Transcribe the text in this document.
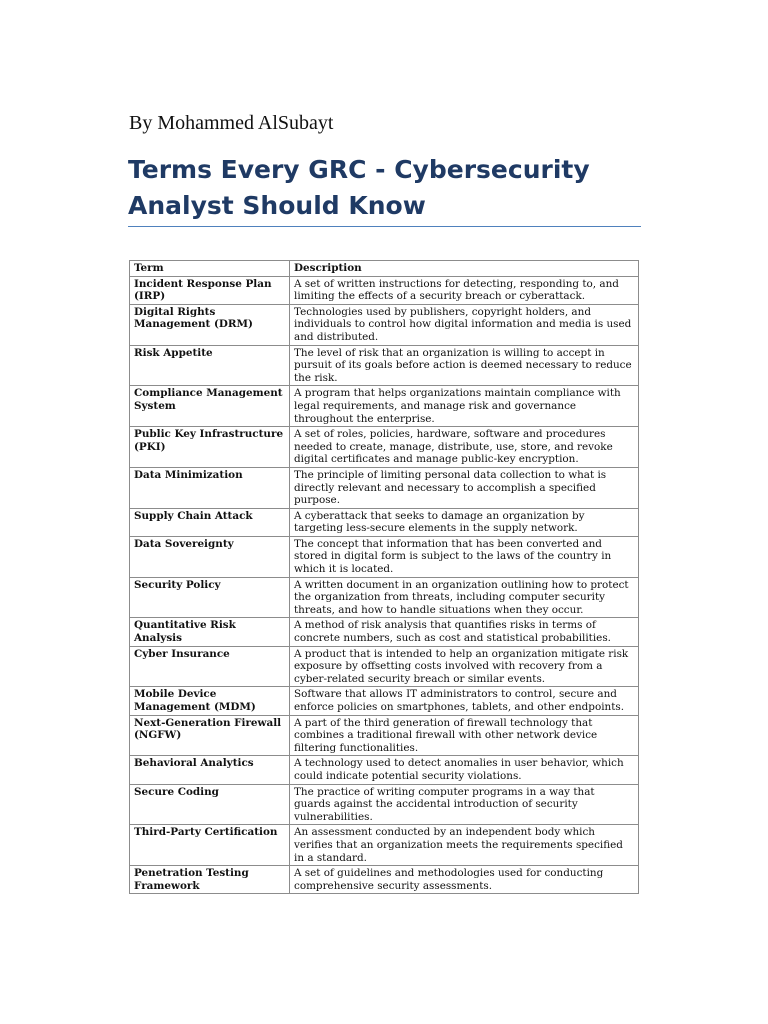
By Mohammed AlSubayt

Terms Every GRC - Cybersecurity Analyst Should Know
Term	Description
Incident Response Plan (IRP)	A set of written instructions for detecting, responding to, and limiting the effects of a security breach or cyberattack.
Digital Rights Management (DRM)	Technologies used by publishers, copyright holders, and individuals to control how digital information and media is used and distributed.
Risk Appetite	The level of risk that an organization is willing to accept in pursuit of its goals before action is deemed necessary to reduce the risk.
Compliance Management System	A program that helps organizations maintain compliance with legal requirements, and manage risk and governance throughout the enterprise.
Public Key Infrastructure (PKI)	A set of roles, policies, hardware, software and procedures needed to create, manage, distribute, use, store, and revoke digital certificates and manage public-key encryption.
Data Minimization	The principle of limiting personal data collection to what is directly relevant and necessary to accomplish a specified purpose.
Supply Chain Attack	A cyberattack that seeks to damage an organization by targeting less-secure elements in the supply network.
Data Sovereignty	The concept that information that has been converted and stored in digital form is subject to the laws of the country in which it is located.
Security Policy	A written document in an organization outlining how to protect the organization from threats, including computer security threats, and how to handle situations when they occur.
Quantitative Risk Analysis	A method of risk analysis that quantifies risks in terms of concrete numbers, such as cost and statistical probabilities.
Cyber Insurance	A product that is intended to help an organization mitigate risk exposure by offsetting costs involved with recovery from a cyber-related security breach or similar events.
Mobile Device Management (MDM)	Software that allows IT administrators to control, secure and enforce policies on smartphones, tablets, and other endpoints.
Next-Generation Firewall (NGFW)	A part of the third generation of firewall technology that combines a traditional firewall with other network device filtering functionalities.
Behavioral Analytics	A technology used to detect anomalies in user behavior, which could indicate potential security violations.
Secure Coding	The practice of writing computer programs in a way that guards against the accidental introduction of security vulnerabilities.
Third-Party Certification	An assessment conducted by an independent body which verifies that an organization meets the requirements specified in a standard.
Penetration Testing Framework	A set of guidelines and methodologies used for conducting comprehensive security assessments.
